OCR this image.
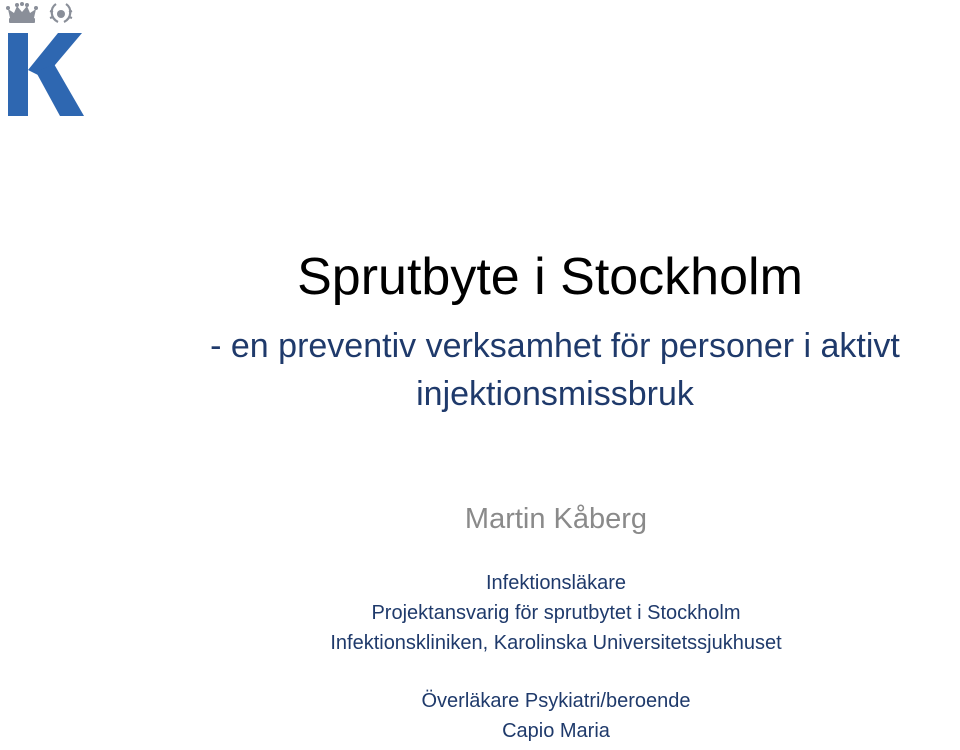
Sprutbyte i Stockholm
- en preventiv verksamhet för personer i aktivt
injektionsmissbruk
Martin Kåberg
Infektionsläkare
Projektansvarig för sprutbytet i Stockholm
Infektionskliniken, Karolinska Universitetssjukhuset
Överläkare Psykiatri/beroende
Capio Maria
